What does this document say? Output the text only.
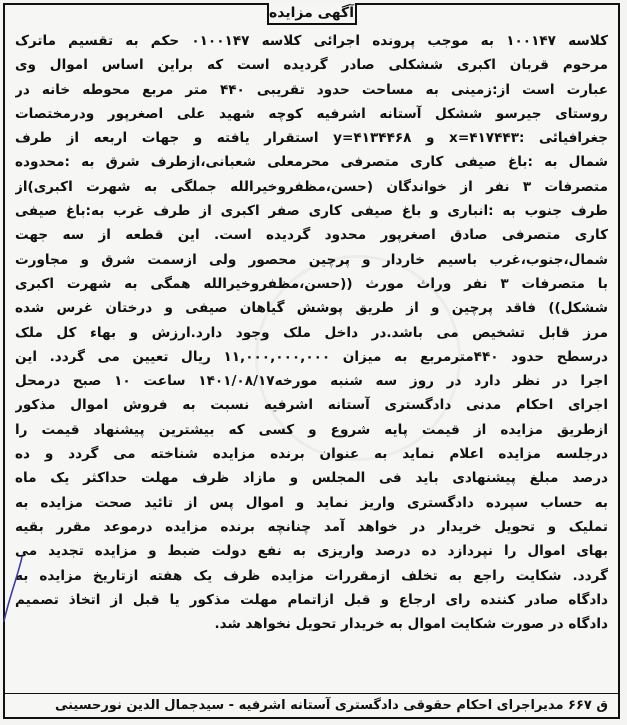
آگهی مزایده
کلاسه ۱۰۰۱۴۷ به موجب پرونده اجرائی کلاسه ۰۱۰۰۱۴۷ حکم به تقسیم ماترک
مرحوم قربان اکبری ششکلی صادر گردیده است که براین اساس اموال وی
عبارت است از:زمینی به مساحت حدود تقریبی ۴۴۰ متر مربع محوطه خانه در
روستای جیرسو ششکل آستانه اشرفیه کوچه شهید علی اصغرپور ودرمختصات
جغرافیائی :۴۱۷۴۴۳=x و ۴۱۳۴۴۶۸=y استقرار یافته و جهات اربعه از طرف
شمال به :باغ صیفی کاری متصرفی محرمعلی شعبانی،ازطرف شرق به :محدوده
متصرفات ۳ نفر از خواندگان (حسن،مظفروخیرالله جملگی به شهرت اکبری)از
طرف جنوب به :انباری و باغ صیفی کاری صفر اکبری از طرف غرب به:باغ صیفی
کاری متصرفی صادق اصغرپور محدود گردیده است. این قطعه از سه جهت
شمال،جنوب،غرب باسیم خاردار و پرچین محصور ولی ازسمت شرق و مجاورت
با متصرفات ۳ نفر وراث مورث ((حسن،مظفروخیرالله همگی به شهرت اکبری
ششکل)) فاقد پرچین و از طریق پوشش گیاهان صیفی و درختان غرس شده
مرز قابل تشخیص می باشد.در داخل ملک وجود دارد.ارزش و بهاء کل ملک
درسطح حدود ۴۴۰مترمربع به میزان ۱۱,۰۰۰,۰۰۰,۰۰۰ ریال تعیین می گردد. این
اجرا در نظر دارد در روز سه شنبه مورخه۱۴۰۱/۰۸/۱۷ ساعت ۱۰ صبح درمحل
اجرای احکام مدنی دادگستری آستانه اشرفیه نسبت به فروش اموال مذکور
ازطریق مزایده از قیمت پایه شروع و کسی که بیشترین پیشنهاد قیمت را
درجلسه مزایده اعلام نماید به عنوان برنده مزایده شناخته می گردد و ده
درصد مبلغ پیشنهادی باید فی المجلس و مازاد ظرف مهلت حداکثر یک ماه
به حساب سپرده دادگستری واریز نماید و اموال پس از تائید صحت مزایده به
تملیک و تحویل خریدار در خواهد آمد چنانچه برنده مزایده درموعد مقرر بقیه
بهای اموال را نپردازد ده درصد واریزی به نفع دولت ضبط و مزایده تجدید می
گردد. شکایت راجع به تخلف ازمقررات مزایده ظرف یک هفته ازتاریخ مزایده به
دادگاه صادر کننده رای ارجاع و قبل ازاتمام مهلت مذکور یا قبل از اتخاذ تصمیم
دادگاه در صورت شکایت اموال به خریدار تحویل نخواهد شد.
ق ۶۶۷ مدیراجرای احکام حقوقی دادگستری آستانه اشرفیه - سیدجمال الدین نورحسینی
